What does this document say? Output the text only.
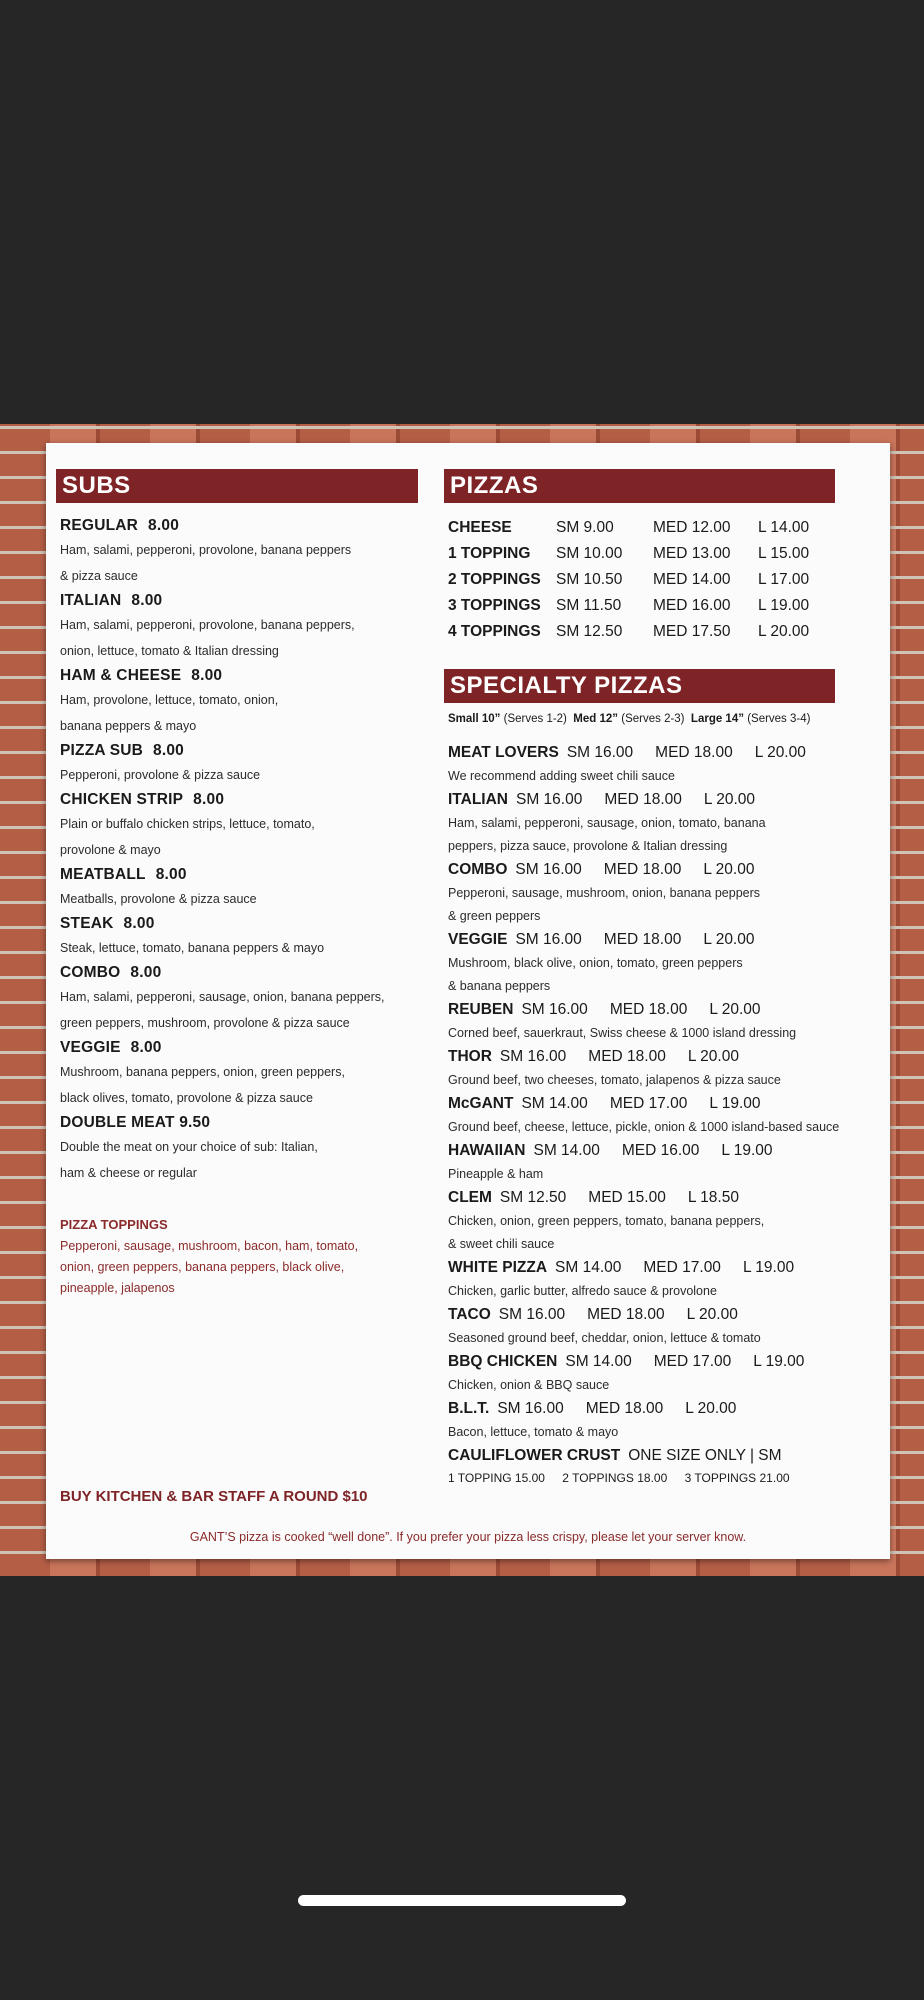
SUBS
REGULAR 8.00
Ham, salami, pepperoni, provolone, banana peppers
& pizza sauce
ITALIAN 8.00
Ham, salami, pepperoni, provolone, banana peppers,
onion, lettuce, tomato & Italian dressing
HAM & CHEESE 8.00
Ham, provolone, lettuce, tomato, onion,
banana peppers & mayo
PIZZA SUB 8.00
Pepperoni, provolone & pizza sauce
CHICKEN STRIP 8.00
Plain or buffalo chicken strips, lettuce, tomato,
provolone & mayo
MEATBALL 8.00
Meatballs, provolone & pizza sauce
STEAK 8.00
Steak, lettuce, tomato, banana peppers & mayo
COMBO 8.00
Ham, salami, pepperoni, sausage, onion, banana peppers,
green peppers, mushroom, provolone & pizza sauce
VEGGIE 8.00
Mushroom, banana peppers, onion, green peppers,
black olives, tomato, provolone & pizza sauce
DOUBLE MEAT 9.50
Double the meat on your choice of sub: Italian,
ham & cheese or regular
PIZZA TOPPINGS
Pepperoni, sausage, mushroom, bacon, ham, tomato,
onion, green peppers, banana peppers, black olive,
pineapple, jalapenos
BUY KITCHEN & BAR STAFF A ROUND $10
PIZZAS
CHEESE	SM 9.00	MED 12.00 L 14.00
1 TOPPING SM 10.00 MED 13.00 L 15.00
2 TOPPINGS SM 10.50 MED 14.00 L 17.00
3 TOPPINGS SM 11.50 MED 16.00 L 19.00
4 TOPPINGS SM 12.50 MED 17.50 L 20.00
SPECIALTY PIZZAS
Small 10” (Serves 1-2) Med 12” (Serves 2-3) Large 14” (Serves 3-4)
MEAT LOVERS SM 16.00 MED 18.00 L 20.00
We recommend adding sweet chili sauce
ITALIAN SM 16.00 MED 18.00 L 20.00
Ham, salami, pepperoni, sausage, onion, tomato, banana
peppers, pizza sauce, provolone & Italian dressing
COMBO SM 16.00 MED 18.00 L 20.00
Pepperoni, sausage, mushroom, onion, banana peppers
& green peppers
VEGGIE SM 16.00 MED 18.00 L 20.00
Mushroom, black olive, onion, tomato, green peppers
& banana peppers
REUBEN SM 16.00 MED 18.00 L 20.00
Corned beef, sauerkraut, Swiss cheese & 1000 island dressing
THOR SM 16.00 MED 18.00 L 20.00
Ground beef, two cheeses, tomato, jalapenos & pizza sauce
McGANT SM 14.00 MED 17.00 L 19.00
Ground beef, cheese, lettuce, pickle, onion & 1000 island-based sauce
HAWAIIAN SM 14.00 MED 16.00 L 19.00
Pineapple & ham
CLEM SM 12.50 MED 15.00 L 18.50
Chicken, onion, green peppers, tomato, banana peppers,
& sweet chili sauce
WHITE PIZZA SM 14.00 MED 17.00 L 19.00
Chicken, garlic butter, alfredo sauce & provolone
TACO SM 16.00 MED 18.00 L 20.00
Seasoned ground beef, cheddar, onion, lettuce & tomato
BBQ CHICKEN SM 14.00 MED 17.00 L 19.00
Chicken, onion & BBQ sauce
B.L.T. SM 16.00 MED 18.00 L 20.00
Bacon, lettuce, tomato & mayo
CAULIFLOWER CRUST ONE SIZE ONLY | SM
1 TOPPING 15.00 2 TOPPINGS 18.00 3 TOPPINGS 21.00
GANT’S pizza is cooked “well done”. If you prefer your pizza less crispy, please let your server know.
